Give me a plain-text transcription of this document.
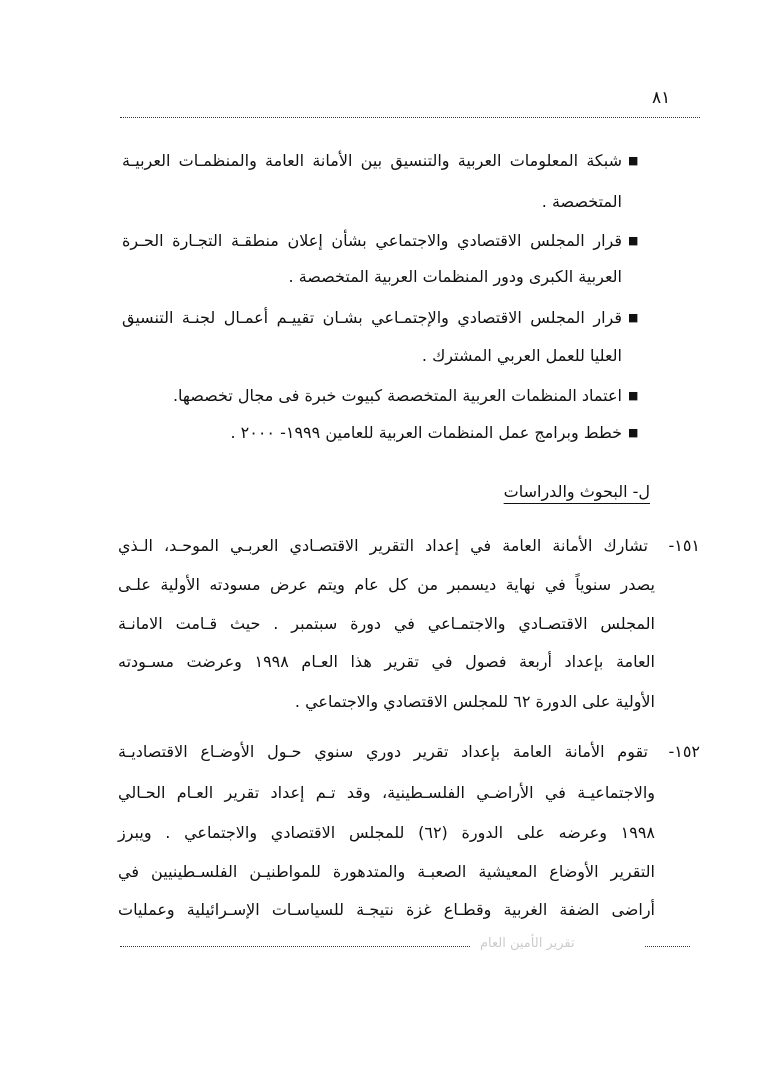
٨١
■
شبكة المعلومات العربية والتنسيق بين الأمانة العامة والمنظمـات العربيـة
المتخصصة .
■
قرار المجلس الاقتصادي والاجتماعي بشأن إعلان منطقـة التجـارة الحـرة
العربية الكبرى ودور المنظمات العربية المتخصصة .
■
قرار المجلس الاقتصادي والإجتمـاعي بشـان تقييـم أعمـال لجنـة التنسيق
العليا للعمل العربي المشترك .
■
اعتماد المنظمات العربية المتخصصة كبيوت خبرة فى مجال تخصصها.
■
خطط وبرامج عمل المنظمات العربية للعامين ١٩٩٩- ٢٠٠٠ .
ل- البحوث والدراسات
١٥١-
تشارك الأمانة العامة في إعداد التقرير الاقتصـادي العربـي الموحـد، الـذي
يصدر سنوياً في نهاية ديسمبر من كل عام ويتم عرض مسودته الأولية علـى
المجلس الاقتصـادي والاجتمـاعي في دورة سبتمبر . حيث قـامت الامانـة
العامة بإعداد أربعة فصول في تقرير هذا العـام ١٩٩٨ وعرضت مسـودته
الأولية على الدورة ٦٢ للمجلس الاقتصادي والاجتماعي .
١٥٢-
تقوم الأمانة العامة بإعداد تقرير دوري سنوي حـول الأوضـاع الاقتصاديـة
والاجتماعيـة في الأراضـي الفلسـطينية، وقد تـم إعداد تقرير العـام الحـالي
١٩٩٨ وعرضه على الدورة (٦٢) للمجلس الاقتصادي والاجتماعي . ويبرز
التقرير الأوضاع المعيشية الصعبـة والمتدهورة للمواطنيـن الفلسـطينيين في
أراضى الضفة الغربية وقطـاع غزة نتيجـة للسياسـات الإسـرائيلية وعمليات
تقرير الأمين العام
